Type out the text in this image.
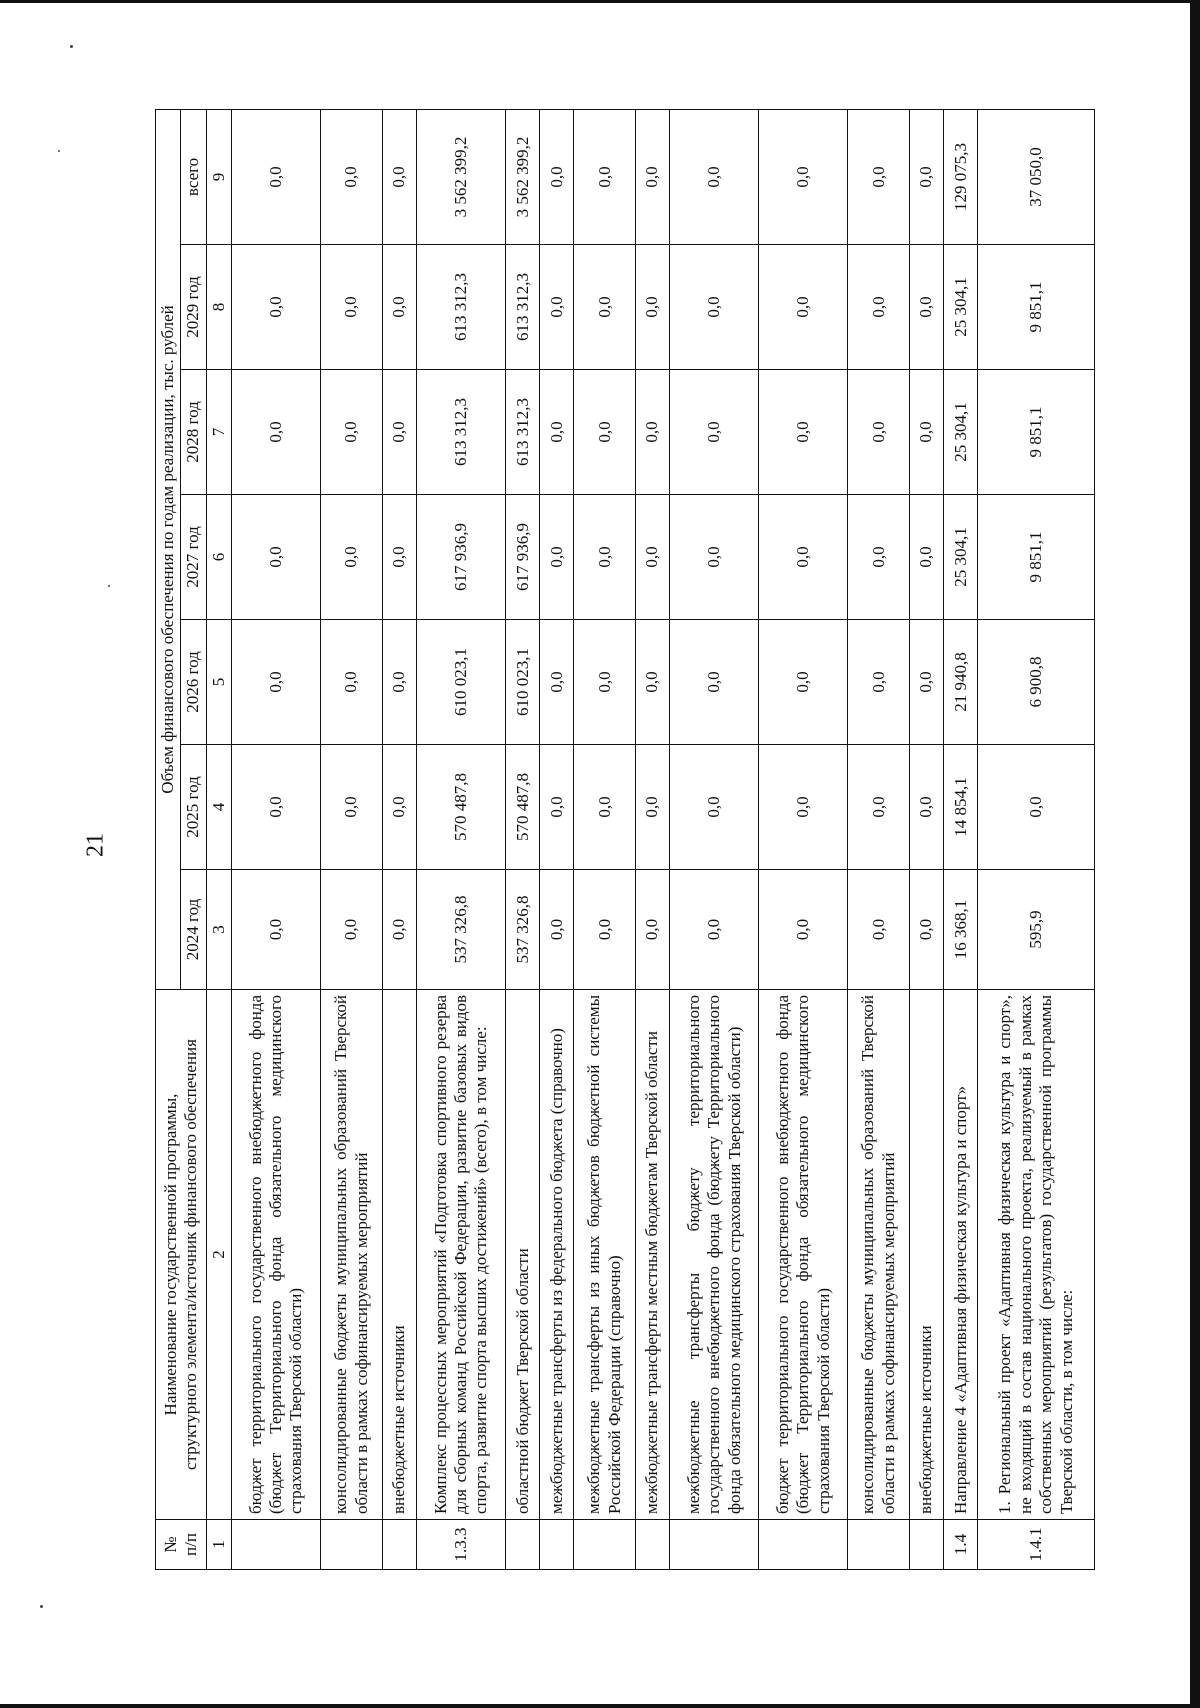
21
№
п/п	Наименование государственной программы,
структурного элемента/источник финансового обеспечения	Объем финансового обеспечения по годам реализации, тыс. рублей						
		2024 год	2025 год	2026 год	2027 год	2028 год	2029 год	всего
1	2	3	4	5	6	7	8	9
	бюджет территориального государственного внебюджетного фонда (бюджет Территориального фонда обязательного медицинского страхования Тверской области)	0,0	0,0	0,0	0,0	0,0	0,0	0,0
	консолидированные бюджеты муниципальных образований Тверской области в рамках софинансируемых мероприятий	0,0	0,0	0,0	0,0	0,0	0,0	0,0
	внебюджетные источники	0,0	0,0	0,0	0,0	0,0	0,0	0,0
1.3.3	Комплекс процессных мероприятий «Подготовка спортивного резерва для сборных команд Российской Федерации, развитие базовых видов спорта, развитие спорта высших достижений» (всего), в том числе:	537 326,8	570 487,8	610 023,1	617 936,9	613 312,3	613 312,3	3 562 399,2
	областной бюджет Тверской области	537 326,8	570 487,8	610 023,1	617 936,9	613 312,3	613 312,3	3 562 399,2
	межбюджетные трансферты из федерального бюджета (справочно)	0,0	0,0	0,0	0,0	0,0	0,0	0,0
	межбюджетные трансферты из иных бюджетов бюджетной системы Российской Федерации (справочно)	0,0	0,0	0,0	0,0	0,0	0,0	0,0
	межбюджетные трансферты местным бюджетам Тверской области	0,0	0,0	0,0	0,0	0,0	0,0	0,0
	межбюджетные трансферты бюджету территориального государственного внебюджетного фонда (бюджету Территориального фонда обязательного медицинского страхования Тверской области)	0,0	0,0	0,0	0,0	0,0	0,0	0,0
	бюджет территориального государственного внебюджетного фонда (бюджет Территориального фонда обязательного медицинского страхования Тверской области)	0,0	0,0	0,0	0,0	0,0	0,0	0,0
	консолидированные бюджеты муниципальных образований Тверской области в рамках софинансируемых мероприятий	0,0	0,0	0,0	0,0	0,0	0,0	0,0
	внебюджетные источники	0,0	0,0	0,0	0,0	0,0	0,0	0,0
1.4	Направление 4 «Адаптивная физическая культура и спорт»	16 368,1	14 854,1	21 940,8	25 304,1	25 304,1	25 304,1	129 075,3
1.4.1	1. Региональный проект «Адаптивная физическая культура и спорт», не входящий в состав национального проекта, реализуемый в рамках собственных мероприятий (результатов) государственной программы Тверской области, в том числе:	595,9	0,0	6 900,8	9 851,1	9 851,1	9 851,1	37 050,0
